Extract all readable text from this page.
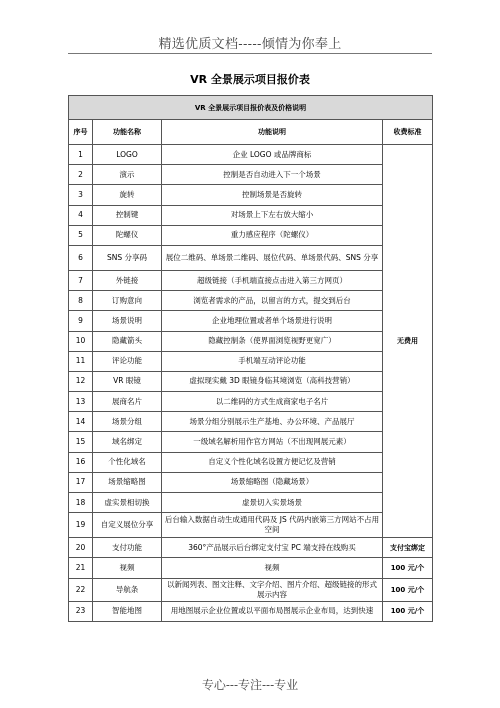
精选优质文档-----倾情为你奉上
VR 全景展示项目报价表
VR 全景展示项目报价表及价格说明			
序号	功能名称	功能说明	收费标准
1	LOGO	企业 LOGO 或品牌商标	无费用
2	演示	控制是否自动进入下一个场景	
3	旋转	控制场景是否旋转	
4	控制键	对场景上下左右放大缩小	
5	陀螺仪	重力感应程序（陀螺仪）	
6	SNS 分享码	展位二维码、单场景二维码、展位代码、单场景代码、SNS 分享	
7	外链接	超级链接（手机端直接点击进入第三方网页）	
8	订购意向	浏览者需求的产品，以留言的方式，提交到后台	
9	场景说明	企业地理位置或者单个场景进行说明	
10	隐藏箭头	隐藏控制条（使界面浏览视野更宽广）	
11	评论功能	手机端互动评论功能	
12	VR 眼镜	虚拟现实戴 3D 眼镜身临其境浏览（高科技营销）	
13	展商名片	以二维码的方式生成商家电子名片	
14	场景分组	场景分组分别展示生产基地、办公环境、产品展厅	
15	域名绑定	一级域名解析用作官方网站（不出现网展元素）	
16	个性化域名	自定义个性化域名设置方便记忆及营销	
17	场景缩略图	场景缩略图（隐藏场景）	
18	虚实景相切换	虚景切入实景场景	
19	自定义展位分享	后台输入数据自动生成通用代码及 JS 代码内嵌第三方网站不占用空间	
20	支付功能	360°产品展示后台绑定支付宝 PC 端支持在线购买	支付宝绑定
21	视频	视频	100 元/个
22	导航条	以新闻列表、图文注释、文字介绍、图片介绍、超级链接的形式展示内容	100 元/个
23	智能地图	用地图展示企业位置或以平面布局图展示企业布局，达到快速	100 元/个
专心---专注---专业
